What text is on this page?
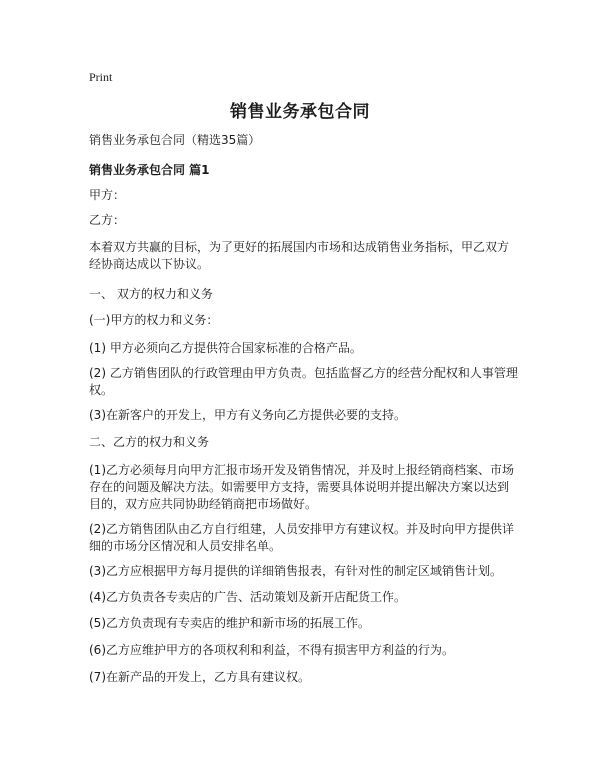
Print
销售业务承包合同

销售业务承包合同（精选35篇）

销售业务承包合同 篇1

甲方：

乙方：

本着双方共赢的目标，为了更好的拓展国内市场和达成销售业务指标，甲乙双方经协商达成以下协议。

一、 双方的权力和义务

(一)甲方的权力和义务：

(1) 甲方必须向乙方提供符合国家标准的合格产品。

(2) 乙方销售团队的行政管理由甲方负责。包括监督乙方的经营分配权和人事管理权。

(3)在新客户的开发上，甲方有义务向乙方提供必要的支持。

二、乙方的权力和义务

(1)乙方必须每月向甲方汇报市场开发及销售情况，并及时上报经销商档案、市场存在的问题及解决方法。如需要甲方支持，需要具体说明并提出解决方案以达到目的，双方应共同协助经销商把市场做好。

(2)乙方销售团队由乙方自行组建，人员安排甲方有建议权。并及时向甲方提供详细的市场分区情况和人员安排名单。

(3)乙方应根据甲方每月提供的详细销售报表，有针对性的制定区域销售计划。

(4)乙方负责各专卖店的广告、活动策划及新开店配货工作。

(5)乙方负责现有专卖店的维护和新市场的拓展工作。

(6)乙方应维护甲方的各项权利和利益，不得有损害甲方利益的行为。

(7)在新产品的开发上，乙方具有建议权。
